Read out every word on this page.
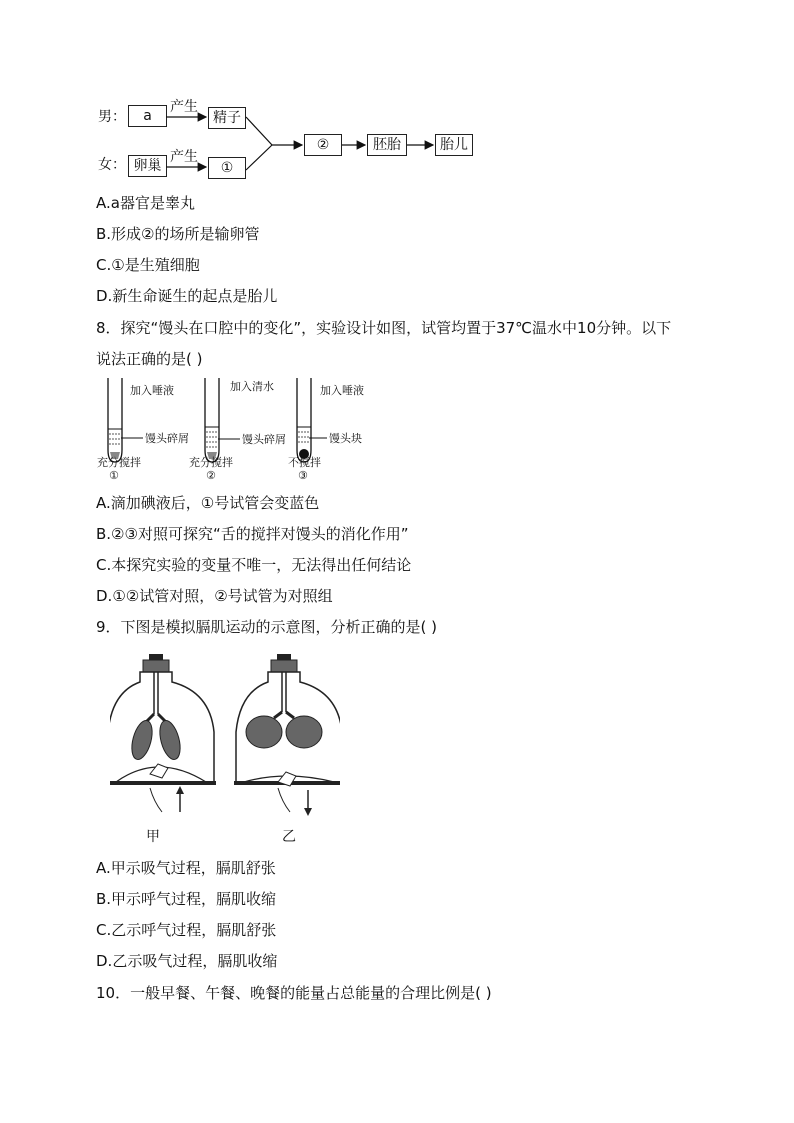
男：	a
产生
精子
女： 卵巢
产生
①
②	胚胎	胎儿
A.a器官是睾丸
B.形成②的场所是输卵管
C.①是生殖细胞
D.新生命诞生的起点是胎儿
8．探究“馒头在口腔中的变化”，实验设计如图，试管均置于37℃温水中10分钟。以下
说法正确的是( )
加入唾液	加入清水	加入唾液
馒头碎屑	馒头碎屑	馒头块
充分搅拌	充分搅拌	不搅拌
①	②	③
A.滴加碘液后，①号试管会变蓝色
B.②③对照可探究“舌的搅拌对馒头的消化作用”
C.本探究实验的变量不唯一，无法得出任何结论
D.①②试管对照，②号试管为对照组
9．下图是模拟膈肌运动的示意图，分析正确的是( )
甲	乙
A.甲示吸气过程，膈肌舒张
B.甲示呼气过程，膈肌收缩
C.乙示呼气过程，膈肌舒张
D.乙示吸气过程，膈肌收缩
10．一般早餐、午餐、晚餐的能量占总能量的合理比例是( )
